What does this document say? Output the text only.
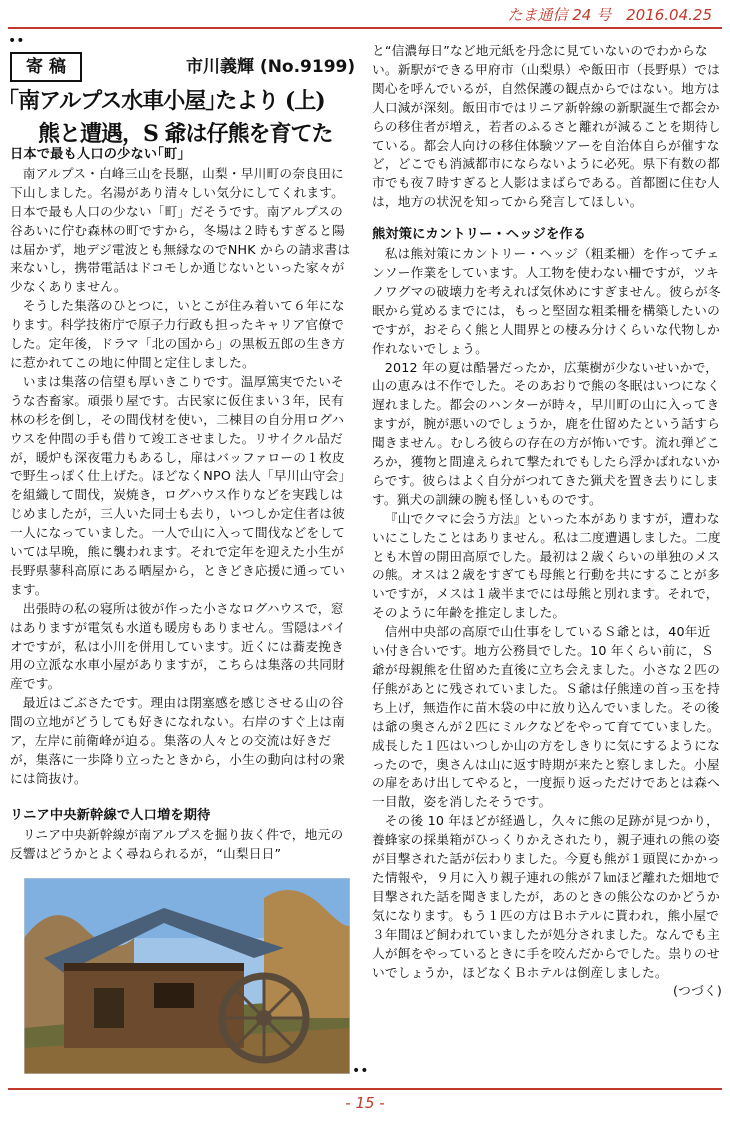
たま通信 24 号　2016.04.25
••
寄 稿	市川義輝 (No.9199)
｢南アルプス水車小屋｣たより (上)
熊と遭遇，S 爺は仔熊を育てた
日本で最も人口の少ない｢町｣

南アルプス・白峰三山を長駆，山梨・早川町の奈良田に下山しました。名湯があり清々しい気分にしてくれます。日本で最も人口の少ない「町」だそうです。南アルプスの谷あいに佇む森林の町ですから，冬場は２時もすぎると陽は届かず，地デジ電波とも無縁なのでNHK からの請求書は来ないし，携帯電話はドコモしか通じないといった家々が少なくありません。

そうした集落のひとつに，いとこが住み着いて６年になります。科学技術庁で原子力行政も担ったキャリア官僚でした。定年後，ドラマ「北の国から」の黒板五郎の生き方に惹かれてこの地に仲間と定住しました。

いまは集落の信望も厚いきこりです。温厚篤実でたいそうな杏畜家。頑張り屋です。古民家に仮住まい３年，民有林の杉を倒し，その間伐材を使い，二棟目の自分用ログハウスを仲間の手も借りて竣工させました。リサイクル品だが，暖炉も深夜電力もあるし，扉はバッファローの１枚皮で野生っぽく仕上げた。ほどなくNPO 法人「早川山守会」を組織して間伐，炭焼き，ログハウス作りなどを実践しはじめましたが，三人いた同士も去り，いつしか定住者は彼一人になっていました。一人で山に入って間伐などをしていては早晩，熊に襲われます。それで定年を迎えた小生が長野県蓼科高原にある晒屋から，ときどき応援に通っています。

出張時の私の寝所は彼が作った小さなログハウスで，窓はありますが電気も水道も暖房もありません。雪隠はバイオですが，私は小川を併用しています。近くには蕎麦挽き用の立派な水車小屋がありますが，こちらは集落の共同財産です。

最近はごぶさたです。理由は閉塞感を感じさせる山の谷間の立地がどうしても好きになれない。右岸のすぐ上は南ア，左岸に前衛峰が迫る。集落の人々との交流は好きだが，集落に一歩降り立ったときから，小生の動向は村の衆には筒抜け。

リニア中央新幹線で人口増を期待

リニア中央新幹線が南アルプスを掘り抜く件で，地元の反響はどうかとよく尋ねられるが，“山梨日日”

••

と“信濃毎日”など地元紙を丹念に見ていないのでわからない。新駅ができる甲府市（山梨県）や飯田市（長野県）では関心を呼んでいるが，自然保護の観点からではない。地方は人口減が深刻。飯田市ではリニア新幹線の新駅誕生で都会からの移住者が増え，若者のふるさと離れが減ることを期待している。都会人向けの移住体験ツアーを自治体自らが催すなど，どこでも消滅都市にならないように必死。県下有数の都市でも夜７時すぎると人影はまばらである。首都圏に住む人は，地方の状況を知ってから発言してほしい。

熊対策にカントリー・ヘッジを作る

私は熊対策にカントリー・ヘッジ（粗柔柵）を作ってチェンソー作業をしています。人工物を使わない柵ですが，ツキノワグマの破壊力を考えれば気休めにすぎません。彼らが冬眠から覚めるまでには，もっと堅固な粗柔柵を構築したいのですが，おそらく熊と人間界との棲み分けくらいな代物しか作れないでしょう。

2012 年の夏は酷暑だったか，広葉樹が少ないせいかで，山の恵みは不作でした。そのあおりで熊の冬眠はいつになく遅れました。都会のハンターが時々，早川町の山に入ってきますが，腕が悪いのでしょうか，鹿を仕留めたという話すら聞きません。むしろ彼らの存在の方が怖いです。流れ弾どころか，獲物と間違えられて撃たれでもしたら浮かばれないからです。彼らはよく自分がつれてきた猟犬を置き去りにします。猟犬の訓練の腕も怪しいものです。

『山でクマに会う方法』といった本がありますが，遭わないにこしたことはありません。私は二度遭遇しました。二度とも木曽の開田高原でした。最初は２歳くらいの単独のメスの熊。オスは２歳をすぎても母熊と行動を共にすることが多いですが，メスは１歳半までには母熊と別れます。それで，そのように年齢を推定しました。

信州中央部の高原で山仕事をしているＳ爺とは，40年近い付き合いです。地方公務員でした。10 年くらい前に，Ｓ爺が母親熊を仕留めた直後に立ち会えました。小さな２匹の仔熊があとに残されていました。Ｓ爺は仔熊達の首っ玉を持ち上げ，無造作に苗木袋の中に放り込んでいました。その後は爺の奥さんが２匹にミルクなどをやって育てていました。成長した１匹はいつしか山の方をしきりに気にするようになったので，奥さんは山に返す時期が来たと察しました。小屋の扉をあけ出してやると，一度振り返っただけであとは森へ一目散，姿を消したそうです。

その後 10 年ほどが経過し，久々に熊の足跡が見つかり，養蜂家の採巣箱がひっくりかえされたり，親子連れの熊の姿が目撃された話が伝わりました。今夏も熊が１頭罠にかかった情報や，９月に入り親子連れの熊が７㎞ほど離れた畑地で目撃された話を聞きましたが，あのときの熊公なのかどうか気になります。もう１匹の方はＢホテルに貰われ，熊小屋で３年間ほど飼われていましたが処分されました。なんでも主人が餌をやっているときに手を咬んだからでした。祟りのせいでしょうか，ほどなくＢホテルは倒産しました。

(つづく)
- 15 -
